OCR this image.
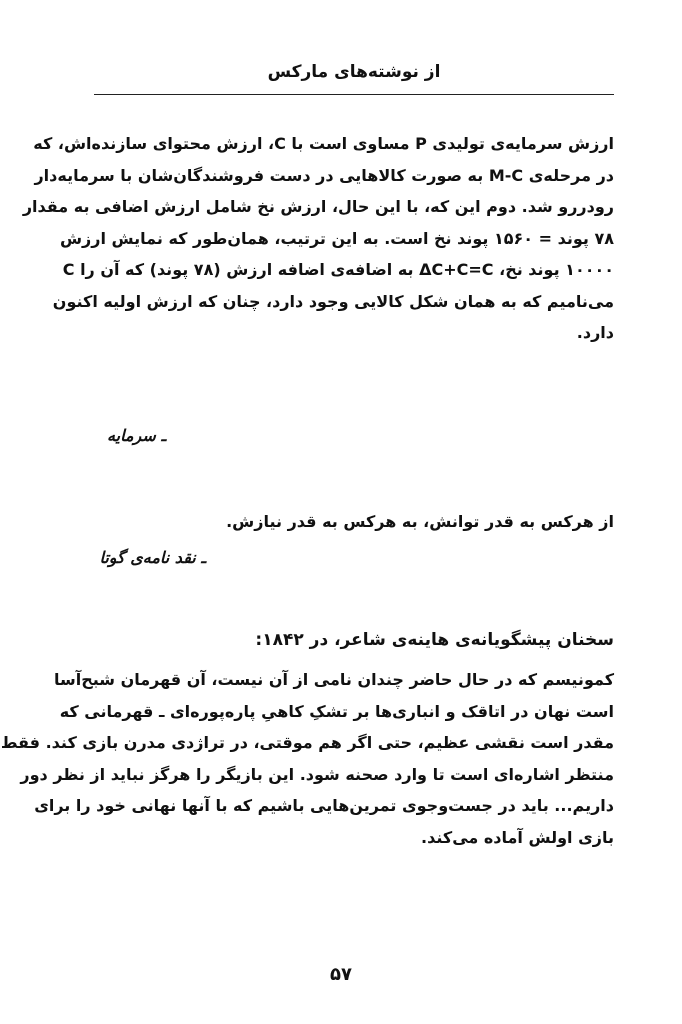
از نوشته‌های مارکس

ارزش سرمایه‌ی تولیدی P مساوی است با C، ارزش محتوای سازنده‌اش، که
در مرحله‌ی M-C به صورت کالاهایی در دست فروشندگان‌شان با سرمایه‌دار
رودررو شد. دوم این که، با این حال، ارزش نخ شامل ارزش اضافی به مقدار
۷۸ پوند = ۱۵۶۰ پوند نخ است. به این ترتیب، همان‌طور که نمایش ارزش
۱۰۰۰۰ پوند نخ، ΔC+C=C به اضافه‌ی اضافه ارزش (۷۸ پوند) که آن را C
می‌نامیم که به همان شکل کالایی وجود دارد، چنان که ارزش اولیه اکنون
دارد.

ـ سرمایه

از هرکس به قدر توانش، به هرکس به قدر نیازش.

ـ نقد نامه‌ی گوتا
سخنان پیشگویانه‌ی هاینه‌ی شاعر، در ۱۸۴۲:

کمونیسم که در حال حاضر چندان نامی از آن نیست، آن قهرمان شبح‌آسا
است نهان در اتاقک و انباری‌ها بر تشکِ کاهیِ پاره‌پوره‌ای ـ قهرمانی که
مقدر است نقشی عظیم، حتی اگر هم موقتی، در تراژدی مدرن بازی کند. فقط
منتظر اشاره‌ای است تا وارد صحنه شود. این بازیگر را هرگز نباید از نظر دور
داریم... باید در جست‌وجوی تمرین‌هایی باشیم که با آنها نهانی خود را برای
بازی اولش آماده می‌کند.

۵۷
